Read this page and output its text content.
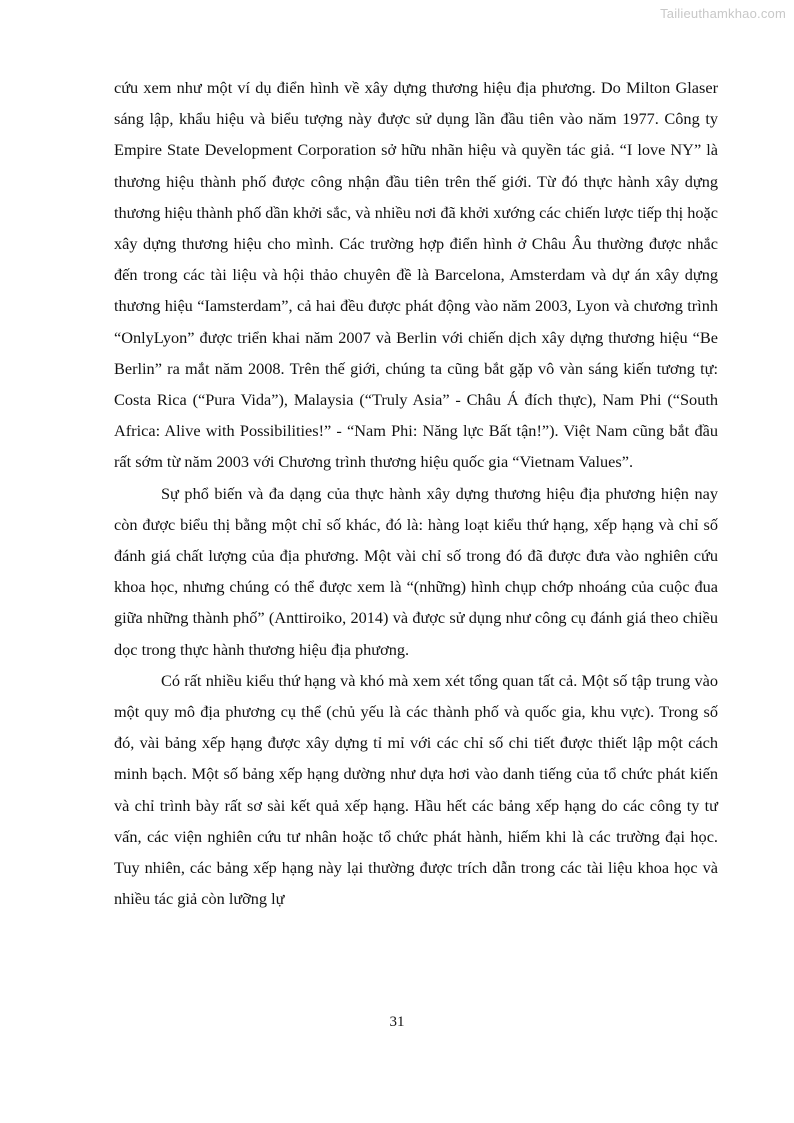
Tailieuthamkhao.com

cứu xem như một ví dụ điển hình về xây dựng thương hiệu địa phương. Do Milton Glaser sáng lập, khẩu hiệu và biểu tượng này được sử dụng lần đầu tiên vào năm 1977. Công ty Empire State Development Corporation sở hữu nhãn hiệu và quyền tác giả. “I love NY” là thương hiệu thành phố được công nhận đầu tiên trên thế giới. Từ đó thực hành xây dựng thương hiệu thành phố dần khởi sắc, và nhiều nơi đã khởi xướng các chiến lược tiếp thị hoặc xây dựng thương hiệu cho mình. Các trường hợp điển hình ở Châu Âu thường được nhắc đến trong các tài liệu và hội thảo chuyên đề là Barcelona, Amsterdam và dự án xây dựng thương hiệu “Iamsterdam”, cả hai đều được phát động vào năm 2003, Lyon và chương trình “OnlyLyon” được triển khai năm 2007 và Berlin với chiến dịch xây dựng thương hiệu “Be Berlin” ra mắt năm 2008. Trên thế giới, chúng ta cũng bắt gặp vô vàn sáng kiến tương tự: Costa Rica (“Pura Vida”), Malaysia (“Truly Asia” - Châu Á đích thực), Nam Phi (“South Africa: Alive with Possibilities!” - “Nam Phi: Năng lực Bất tận!”). Việt Nam cũng bắt đầu rất sớm từ năm 2003 với Chương trình thương hiệu quốc gia “Vietnam Values”.

Sự phổ biến và đa dạng của thực hành xây dựng thương hiệu địa phương hiện nay còn được biểu thị bằng một chỉ số khác, đó là: hàng loạt kiểu thứ hạng, xếp hạng và chỉ số đánh giá chất lượng của địa phương. Một vài chỉ số trong đó đã được đưa vào nghiên cứu khoa học, nhưng chúng có thể được xem là “(những) hình chụp chớp nhoáng của cuộc đua giữa những thành phố” (Anttiroiko, 2014) và được sử dụng như công cụ đánh giá theo chiều dọc trong thực hành thương hiệu địa phương.

Có rất nhiều kiểu thứ hạng và khó mà xem xét tổng quan tất cả. Một số tập trung vào một quy mô địa phương cụ thể (chủ yếu là các thành phố và quốc gia, khu vực). Trong số đó, vài bảng xếp hạng được xây dựng tỉ mỉ với các chỉ số chi tiết được thiết lập một cách minh bạch. Một số bảng xếp hạng dường như dựa hơi vào danh tiếng của tổ chức phát kiến và chỉ trình bày rất sơ sài kết quả xếp hạng. Hầu hết các bảng xếp hạng do các công ty tư vấn, các viện nghiên cứu tư nhân hoặc tổ chức phát hành, hiếm khi là các trường đại học. Tuy nhiên, các bảng xếp hạng này lại thường được trích dẫn trong các tài liệu khoa học và nhiều tác giả còn lưỡng lự

31
